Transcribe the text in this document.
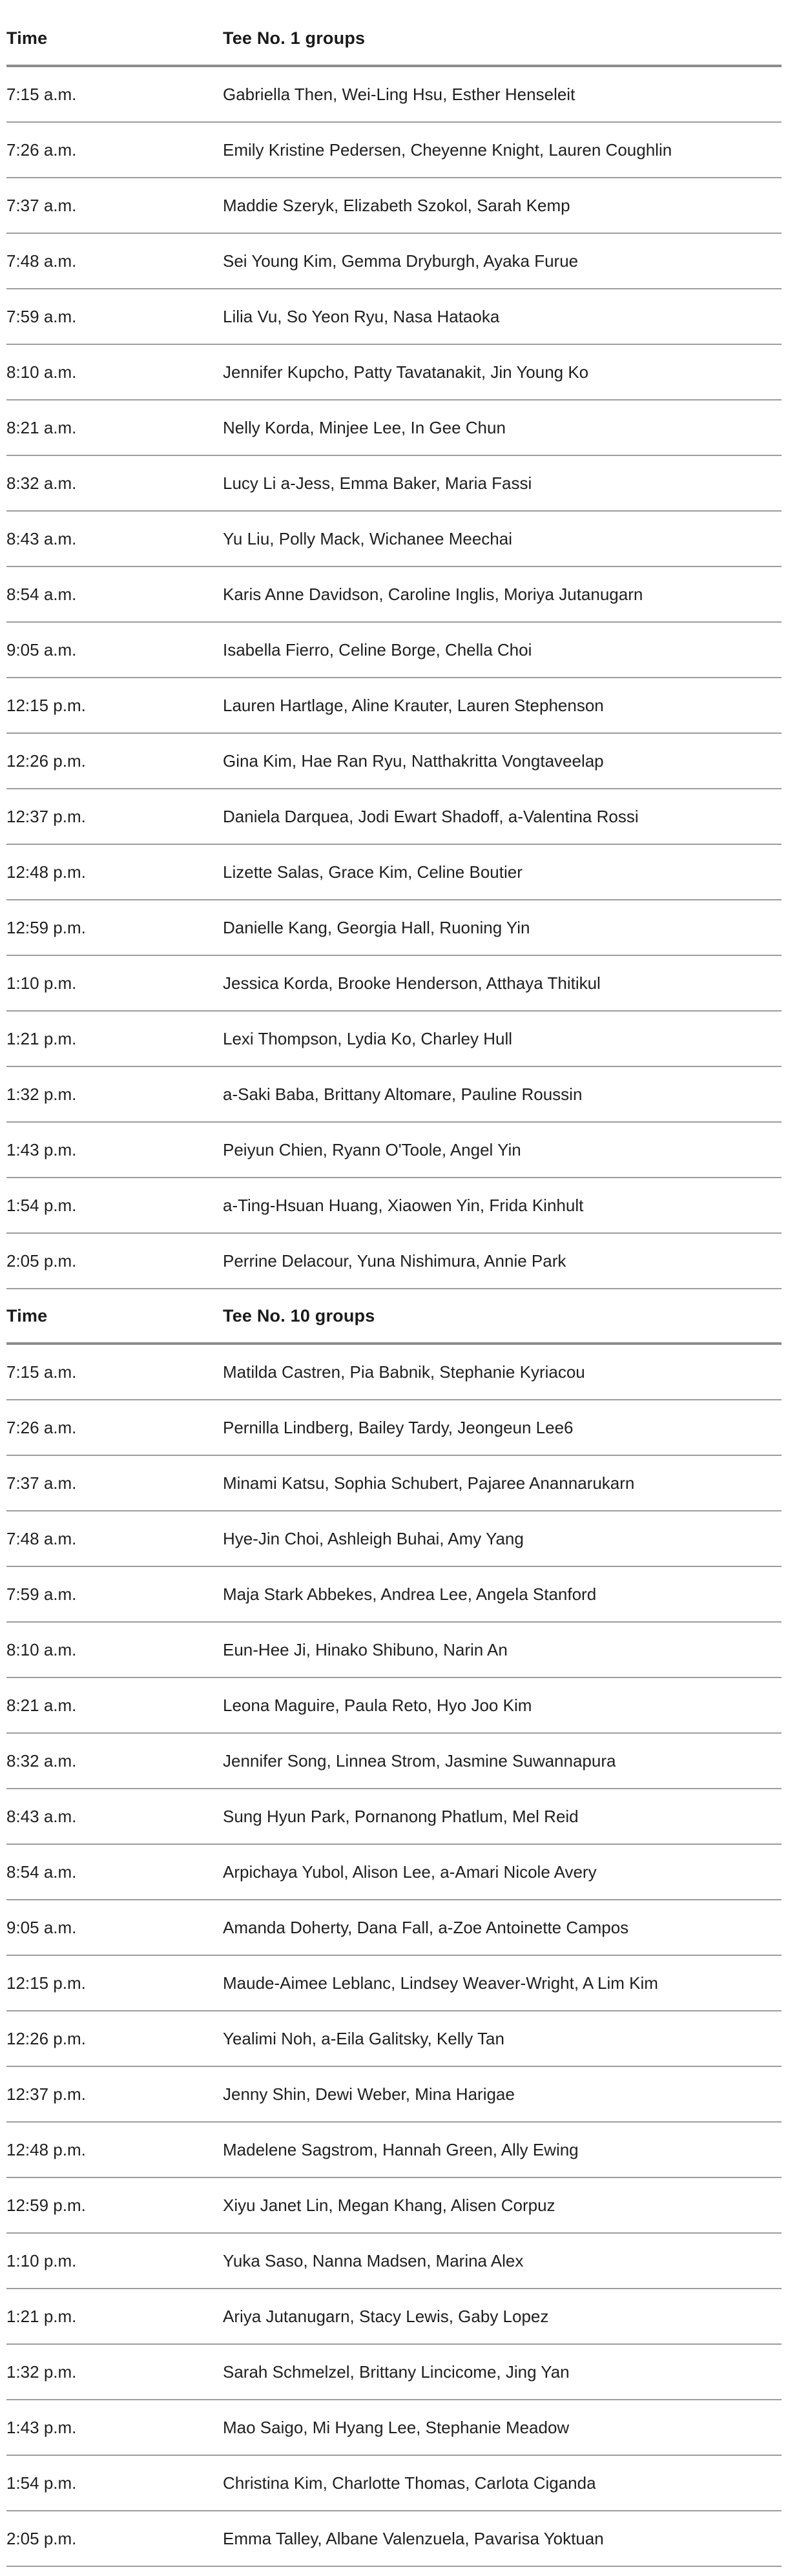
Time	Tee No. 1 groups
7:15 a.m.	Gabriella Then, Wei-Ling Hsu, Esther Henseleit
7:26 a.m.	Emily Kristine Pedersen, Cheyenne Knight, Lauren Coughlin
7:37 a.m.	Maddie Szeryk, Elizabeth Szokol, Sarah Kemp
7:48 a.m.	Sei Young Kim, Gemma Dryburgh, Ayaka Furue
7:59 a.m.	Lilia Vu, So Yeon Ryu, Nasa Hataoka
8:10 a.m.	Jennifer Kupcho, Patty Tavatanakit, Jin Young Ko
8:21 a.m.	Nelly Korda, Minjee Lee, In Gee Chun
8:32 a.m.	Lucy Li a-Jess, Emma Baker, Maria Fassi
8:43 a.m.	Yu Liu, Polly Mack, Wichanee Meechai
8:54 a.m.	Karis Anne Davidson, Caroline Inglis, Moriya Jutanugarn
9:05 a.m.	Isabella Fierro, Celine Borge, Chella Choi
12:15 p.m.	Lauren Hartlage, Aline Krauter, Lauren Stephenson
12:26 p.m.	Gina Kim, Hae Ran Ryu, Natthakritta Vongtaveelap
12:37 p.m.	Daniela Darquea, Jodi Ewart Shadoff, a-Valentina Rossi
12:48 p.m.	Lizette Salas, Grace Kim, Celine Boutier
12:59 p.m.	Danielle Kang, Georgia Hall, Ruoning Yin
1:10 p.m.	Jessica Korda, Brooke Henderson, Atthaya Thitikul
1:21 p.m.	Lexi Thompson, Lydia Ko, Charley Hull
1:32 p.m.	a-Saki Baba, Brittany Altomare, Pauline Roussin
1:43 p.m.	Peiyun Chien, Ryann O'Toole, Angel Yin
1:54 p.m.	a-Ting-Hsuan Huang, Xiaowen Yin, Frida Kinhult
2:05 p.m.	Perrine Delacour, Yuna Nishimura, Annie Park
Time	Tee No. 10 groups
7:15 a.m.	Matilda Castren, Pia Babnik, Stephanie Kyriacou
7:26 a.m.	Pernilla Lindberg, Bailey Tardy, Jeongeun Lee6
7:37 a.m.	Minami Katsu, Sophia Schubert, Pajaree Anannarukarn
7:48 a.m.	Hye-Jin Choi, Ashleigh Buhai, Amy Yang
7:59 a.m.	Maja Stark Abbekes, Andrea Lee, Angela Stanford
8:10 a.m.	Eun-Hee Ji, Hinako Shibuno, Narin An
8:21 a.m.	Leona Maguire, Paula Reto, Hyo Joo Kim
8:32 a.m.	Jennifer Song, Linnea Strom, Jasmine Suwannapura
8:43 a.m.	Sung Hyun Park, Pornanong Phatlum, Mel Reid
8:54 a.m.	Arpichaya Yubol, Alison Lee, a-Amari Nicole Avery
9:05 a.m.	Amanda Doherty, Dana Fall, a-Zoe Antoinette Campos
12:15 p.m.	Maude-Aimee Leblanc, Lindsey Weaver-Wright, A Lim Kim
12:26 p.m.	Yealimi Noh, a-Eila Galitsky, Kelly Tan
12:37 p.m.	Jenny Shin, Dewi Weber, Mina Harigae
12:48 p.m.	Madelene Sagstrom, Hannah Green, Ally Ewing
12:59 p.m.	Xiyu Janet Lin, Megan Khang, Alisen Corpuz
1:10 p.m.	Yuka Saso, Nanna Madsen, Marina Alex
1:21 p.m.	Ariya Jutanugarn, Stacy Lewis, Gaby Lopez
1:32 p.m.	Sarah Schmelzel, Brittany Lincicome, Jing Yan
1:43 p.m.	Mao Saigo, Mi Hyang Lee, Stephanie Meadow
1:54 p.m.	Christina Kim, Charlotte Thomas, Carlota Ciganda
2:05 p.m.	Emma Talley, Albane Valenzuela, Pavarisa Yoktuan
